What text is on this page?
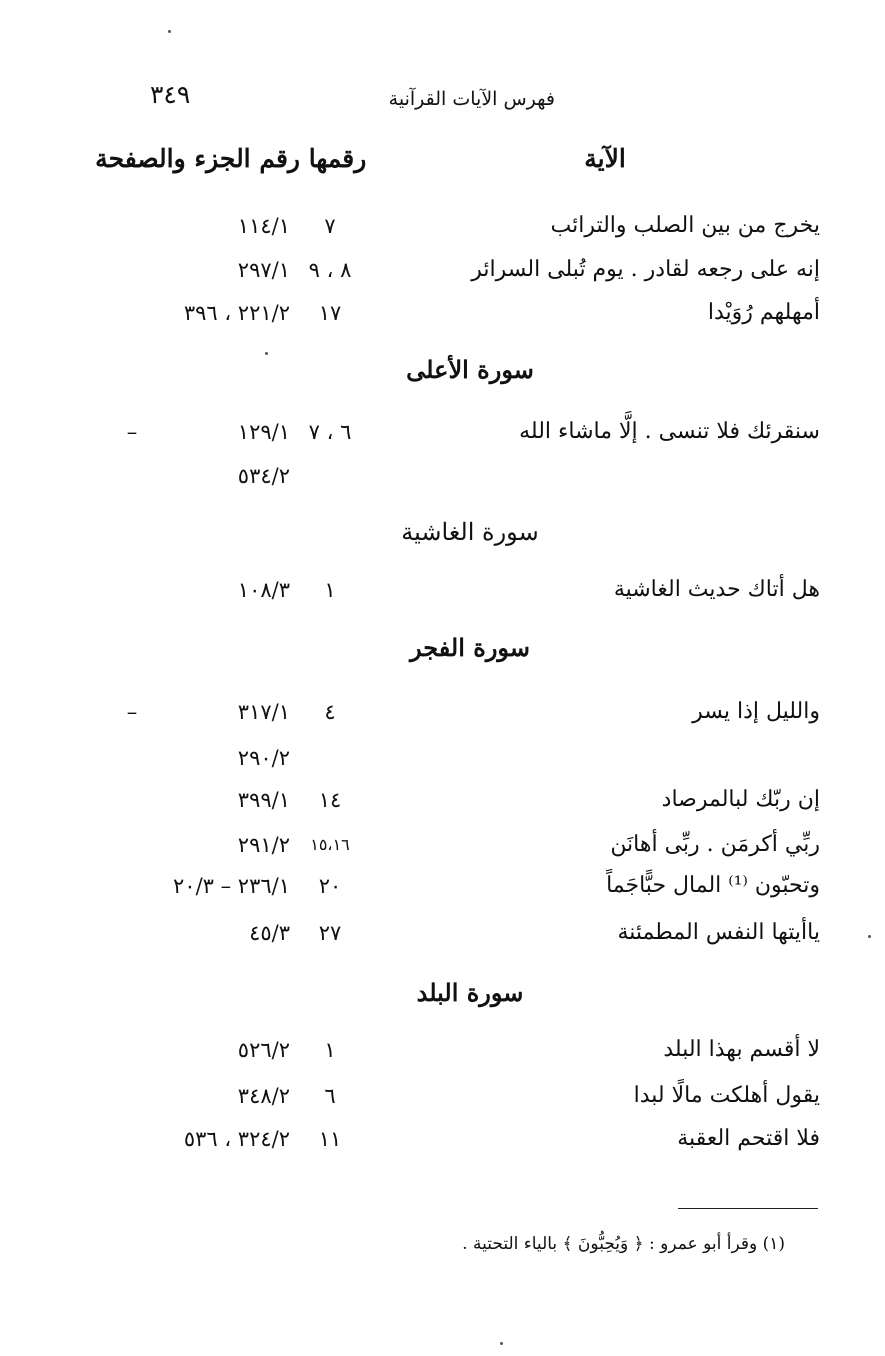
٣٤٩	فهرس الآيات القرآنية
الآية
رقمها
رقم الجزء والصفحة
يخرج من بين الصلب والترائب
٧
١١٤/١
إنه على رجعه لقادر . يوم تُبلى السرائر
٨ ، ٩
٢٩٧/١
أمهلهم رُوَيْدا
١٧
٢٢١/٢ ، ٣٩٦
سورة الأعلى
سنقرئك فلا تنسى . إلَّا ماشاء الله
٦ ، ٧
١٢٩/١
–
٥٣٤/٢
سورة الغاشية
هل أتاك حديث الغاشية
١
١٠٨/٣
سورة الفجر
والليل إذا يسر
٤
٣١٧/١
–
٢٩٠/٢
إن ربّك لبالمرصاد
١٤
٣٩٩/١
ربِّي أكرمَن . ربِّى أهانَن
١٥،١٦
٢٩١/٢
وتحبّون ⁽¹⁾ المال حبًّاجَماً
٢٠
٢٣٦/١ – ٢٠/٣
ياأيتها النفس المطمئنة
٢٧
٤٥/٣
سورة البلد
لا أقسم بهذا البلد
١
٥٢٦/٢
يقول أهلكت مالًا لبدا
٦
٣٤٨/٢
فلا اقتحم العقبة
١١
٣٢٤/٢ ، ٥٣٦
(١) وقرأ أبو عمرو : ﴿ وَيُحِبُّونَ ﴾ بالياء التحتية .
